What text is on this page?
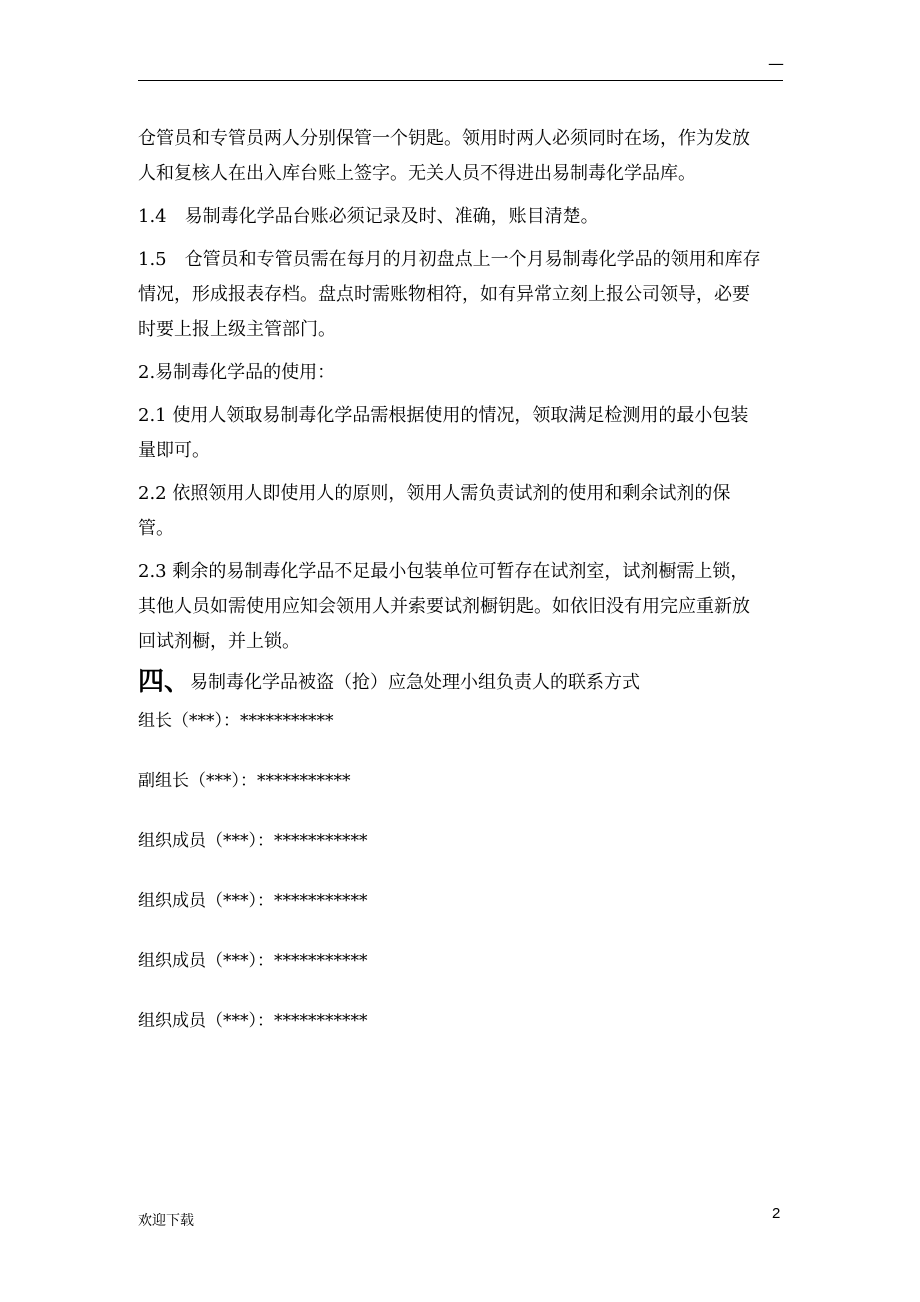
—
仓管员和专管员两人分别保管一个钥匙。领用时两人必须同时在场，作为发放
人和复核人在出入库台账上签字。无关人员不得进出易制毒化学品库。
1.4　易制毒化学品台账必须记录及时、准确，账目清楚。
1.5　仓管员和专管员需在每月的月初盘点上一个月易制毒化学品的领用和库存
情况，形成报表存档。盘点时需账物相符，如有异常立刻上报公司领导，必要
时要上报上级主管部门。
2.易制毒化学品的使用：
2.1 使用人领取易制毒化学品需根据使用的情况，领取满足检测用的最小包装
量即可。
2.2 依照领用人即使用人的原则，领用人需负责试剂的使用和剩余试剂的保
管。
2.3 剩余的易制毒化学品不足最小包装单位可暂存在试剂室，试剂橱需上锁，
其他人员如需使用应知会领用人并索要试剂橱钥匙。如依旧没有用完应重新放
回试剂橱，并上锁。
四、易制毒化学品被盗（抢）应急处理小组负责人的联系方式
组长（***）：***********
副组长（***）：***********
组织成员（***）：***********
组织成员（***）：***********
组织成员（***）：***********
组织成员（***）：***********
欢迎下载	2
